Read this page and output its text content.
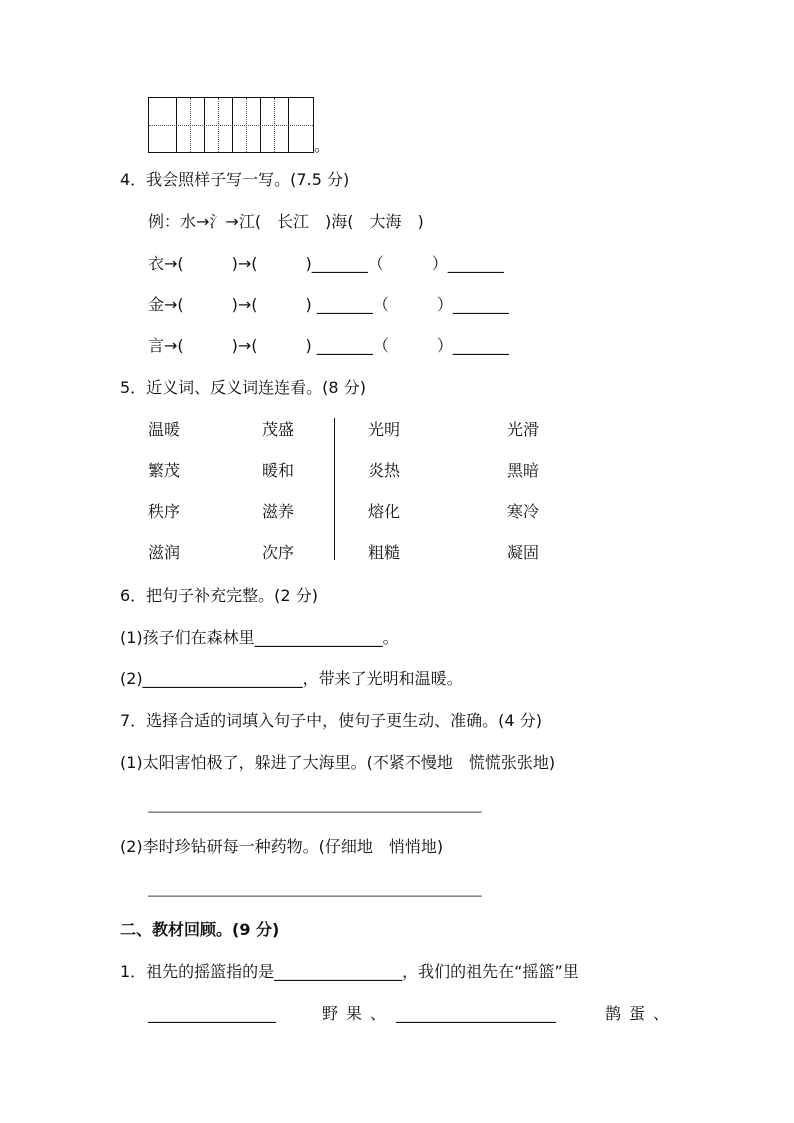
。
4．我会照样子写一写。(7.5 分)
例：水→氵→江(　长江　)海(　大海　)
衣→(　　　)→(　　　)_______（　　　）_______
金→(　　　)→(　　　) _______（　　　）_______
言→(　　　)→(　　　) _______（　　　）_______
5．近义词、反义词连连看。(8 分)
温暖	茂盛	光明	光滑
繁茂	暖和	炎热	黑暗
秩序	滋养	熔化	寒冷
滋润	次序	粗糙	凝固
6．把句子补充完整。(2 分)
(1)孩子们在森林里________________。
(2)____________________，带来了光明和温暖。
7．选择合适的词填入句子中，使句子更生动、准确。(4 分)
(1)太阳害怕极了，躲进了大海里。(不紧不慢地　慌慌张张地)
__________________________________________________________
(2)李时珍钻研每一种药物。(仔细地　悄悄地)
__________________________________________________________
二、教材回顾。(9 分)
1．祖先的摇篮指的是________________，我们的祖先在“摇篮”里
________________	野果、 ____________________	鹊蛋、
